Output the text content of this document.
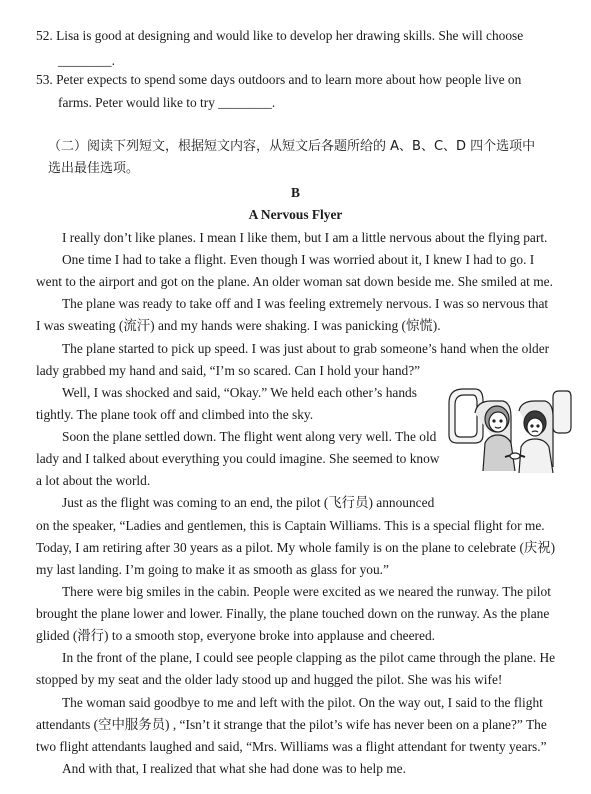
52. Lisa is good at designing and would like to develop her drawing skills. She will choose
________.
53. Peter expects to spend some days outdoors and to learn more about how people live on
farms. Peter would like to try ________.
（二）阅读下列短文，根据短文内容，从短文后各题所给的 A、B、C、D 四个选项中
选出最佳选项。
B
A Nervous Flyer
I really don’t like planes. I mean I like them, but I am a little nervous about the flying part.
One time I had to take a flight. Even though I was worried about it, I knew I had to go. I
went to the airport and got on the plane. An older woman sat down beside me. She smiled at me.
The plane was ready to take off and I was feeling extremely nervous. I was so nervous that
I was sweating (流汗) and my hands were shaking. I was panicking (惊慌).
The plane started to pick up speed. I was just about to grab someone’s hand when the older
lady grabbed my hand and said, “I’m so scared. Can I hold your hand?”
Well, I was shocked and said, “Okay.” We held each other’s hands
tightly. The plane took off and climbed into the sky.
Soon the plane settled down. The flight went along very well. The old
lady and I talked about everything you could imagine. She seemed to know
a lot about the world.
Just as the flight was coming to an end, the pilot (飞行员) announced
on the speaker, “Ladies and gentlemen, this is Captain Williams. This is a special flight for me.
Today, I am retiring after 30 years as a pilot. My whole family is on the plane to celebrate (庆祝)
my last landing. I’m going to make it as smooth as glass for you.”
There were big smiles in the cabin. People were excited as we neared the runway. The pilot
brought the plane lower and lower. Finally, the plane touched down on the runway. As the plane
glided (滑行) to a smooth stop, everyone broke into applause and cheered.
In the front of the plane, I could see people clapping as the pilot came through the plane. He
stopped by my seat and the older lady stood up and hugged the pilot. She was his wife!
The woman said goodbye to me and left with the pilot. On the way out, I said to the flight
attendants (空中服务员) , “Isn’t it strange that the pilot’s wife has never been on a plane?” The
two flight attendants laughed and said, “Mrs. Williams was a flight attendant for twenty years.”
And with that, I realized that what she had done was to help me.
